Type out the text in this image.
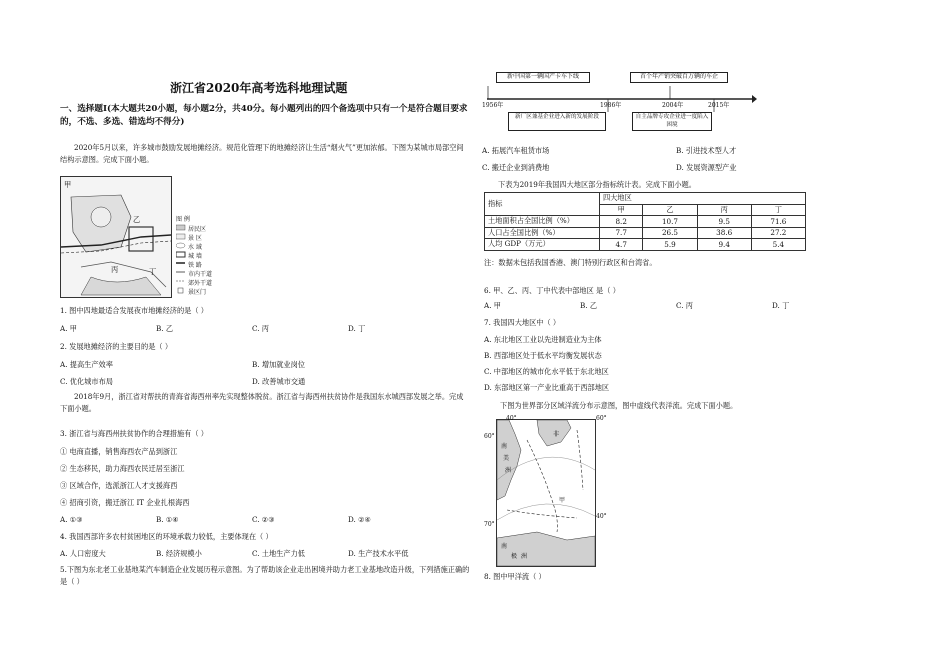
浙江省2020年高考选科地理试题
一、选择题Ⅰ(本大题共20小题，每小题2分，共40分。每小题列出的四个备选项中只有一个是符合题目要求的，不选、多选、错选均不得分)
2020年5月以来，许多城市鼓励发展地摊经济。规范化管理下的地摊经济让生活“烟火气”更加浓郁。下图为某城市局部空间结构示意图。完成下面小题。
甲
乙
丙	丁
图 例
居民区
景 区
水 域
城 墙
铁 路
市内干道
郊外干道
景区门
1. 图中四地最适合发展夜市地摊经济的是（ ）
A. 甲	B. 乙	C. 丙	D. 丁
2. 发展地摊经济的主要目的是（ ）
A. 提高生产效率	B. 增加就业岗位
C. 优化城市布局	D. 改善城市交通
2018年9月，浙江省对帮扶的青海省海西州率先实现整体脱贫。浙江省与海西州扶贫协作是我国东水城西部发展之举。完成下面小题。
3. 浙江省与海西州扶贫协作的合理措施有（ ）
① 电商直播，销售海西农产品到浙江
② 生态移民，助力海西农民迁居至浙江
③ 区域合作，选派浙江人才支援海西
④ 招商引资，搬迁浙江 IT 企业扎根海西
A. ①③	B. ①④	C. ②③	D. ②④
4. 我国西部许多农村贫困地区的环境承载力较低，主要体现在（ ）
A. 人口密度大	B. 经济规模小	C. 土地生产力低	D. 生产技术水平低
5.下图为东北老工业基地某汽车制造企业发展历程示意图。为了帮助该企业走出困境并助力老工业基地改造升级，下列措施正确的是（ ）
新中国第一辆国产卡车下线	首个年产销突破百万辆的车企
新厂区兼基企业进入新的发展阶段	自主品牌专攻企业进一度陷入困境
1956年	1986年	2004年	2015年
A. 拓展汽车租赁市场	B. 引进技术型人才
C. 搬迁企业到消费地	D. 发展资源型产业
下表为2019年我国四大地区部分指标统计表。完成下面小题。
指标	四大地区			
	甲	乙	丙	丁
土地面积占全国比例（%）	8.2	10.7	9.5	71.6
人口占全国比例（%）	7.7	26.5	38.6	27.2
人均 GDP（万元）	4.7	5.9	9.4	5.4
注：数据未包括我国香港、澳门特别行政区和台湾省。
6. 甲、乙、丙、丁中代表中部地区 是（ ）
A. 甲	B. 乙	C. 丙	D. 丁
7. 我国四大地区中（ ）
A. 东北地区工业以先进制造业为主体
B. 西部地区处于低水平均衡发展状态
C. 中部地区的城市化水平低于东北地区
D. 东部地区第一产业比重高于西部地区
下图为世界部分区域洋流分布示意图，图中虚线代表洋流。完成下面小题。
南
美
洲
非
甲
南
极 洲
60°
60°
40°
70°
40°
8. 图中甲洋流（ ）
